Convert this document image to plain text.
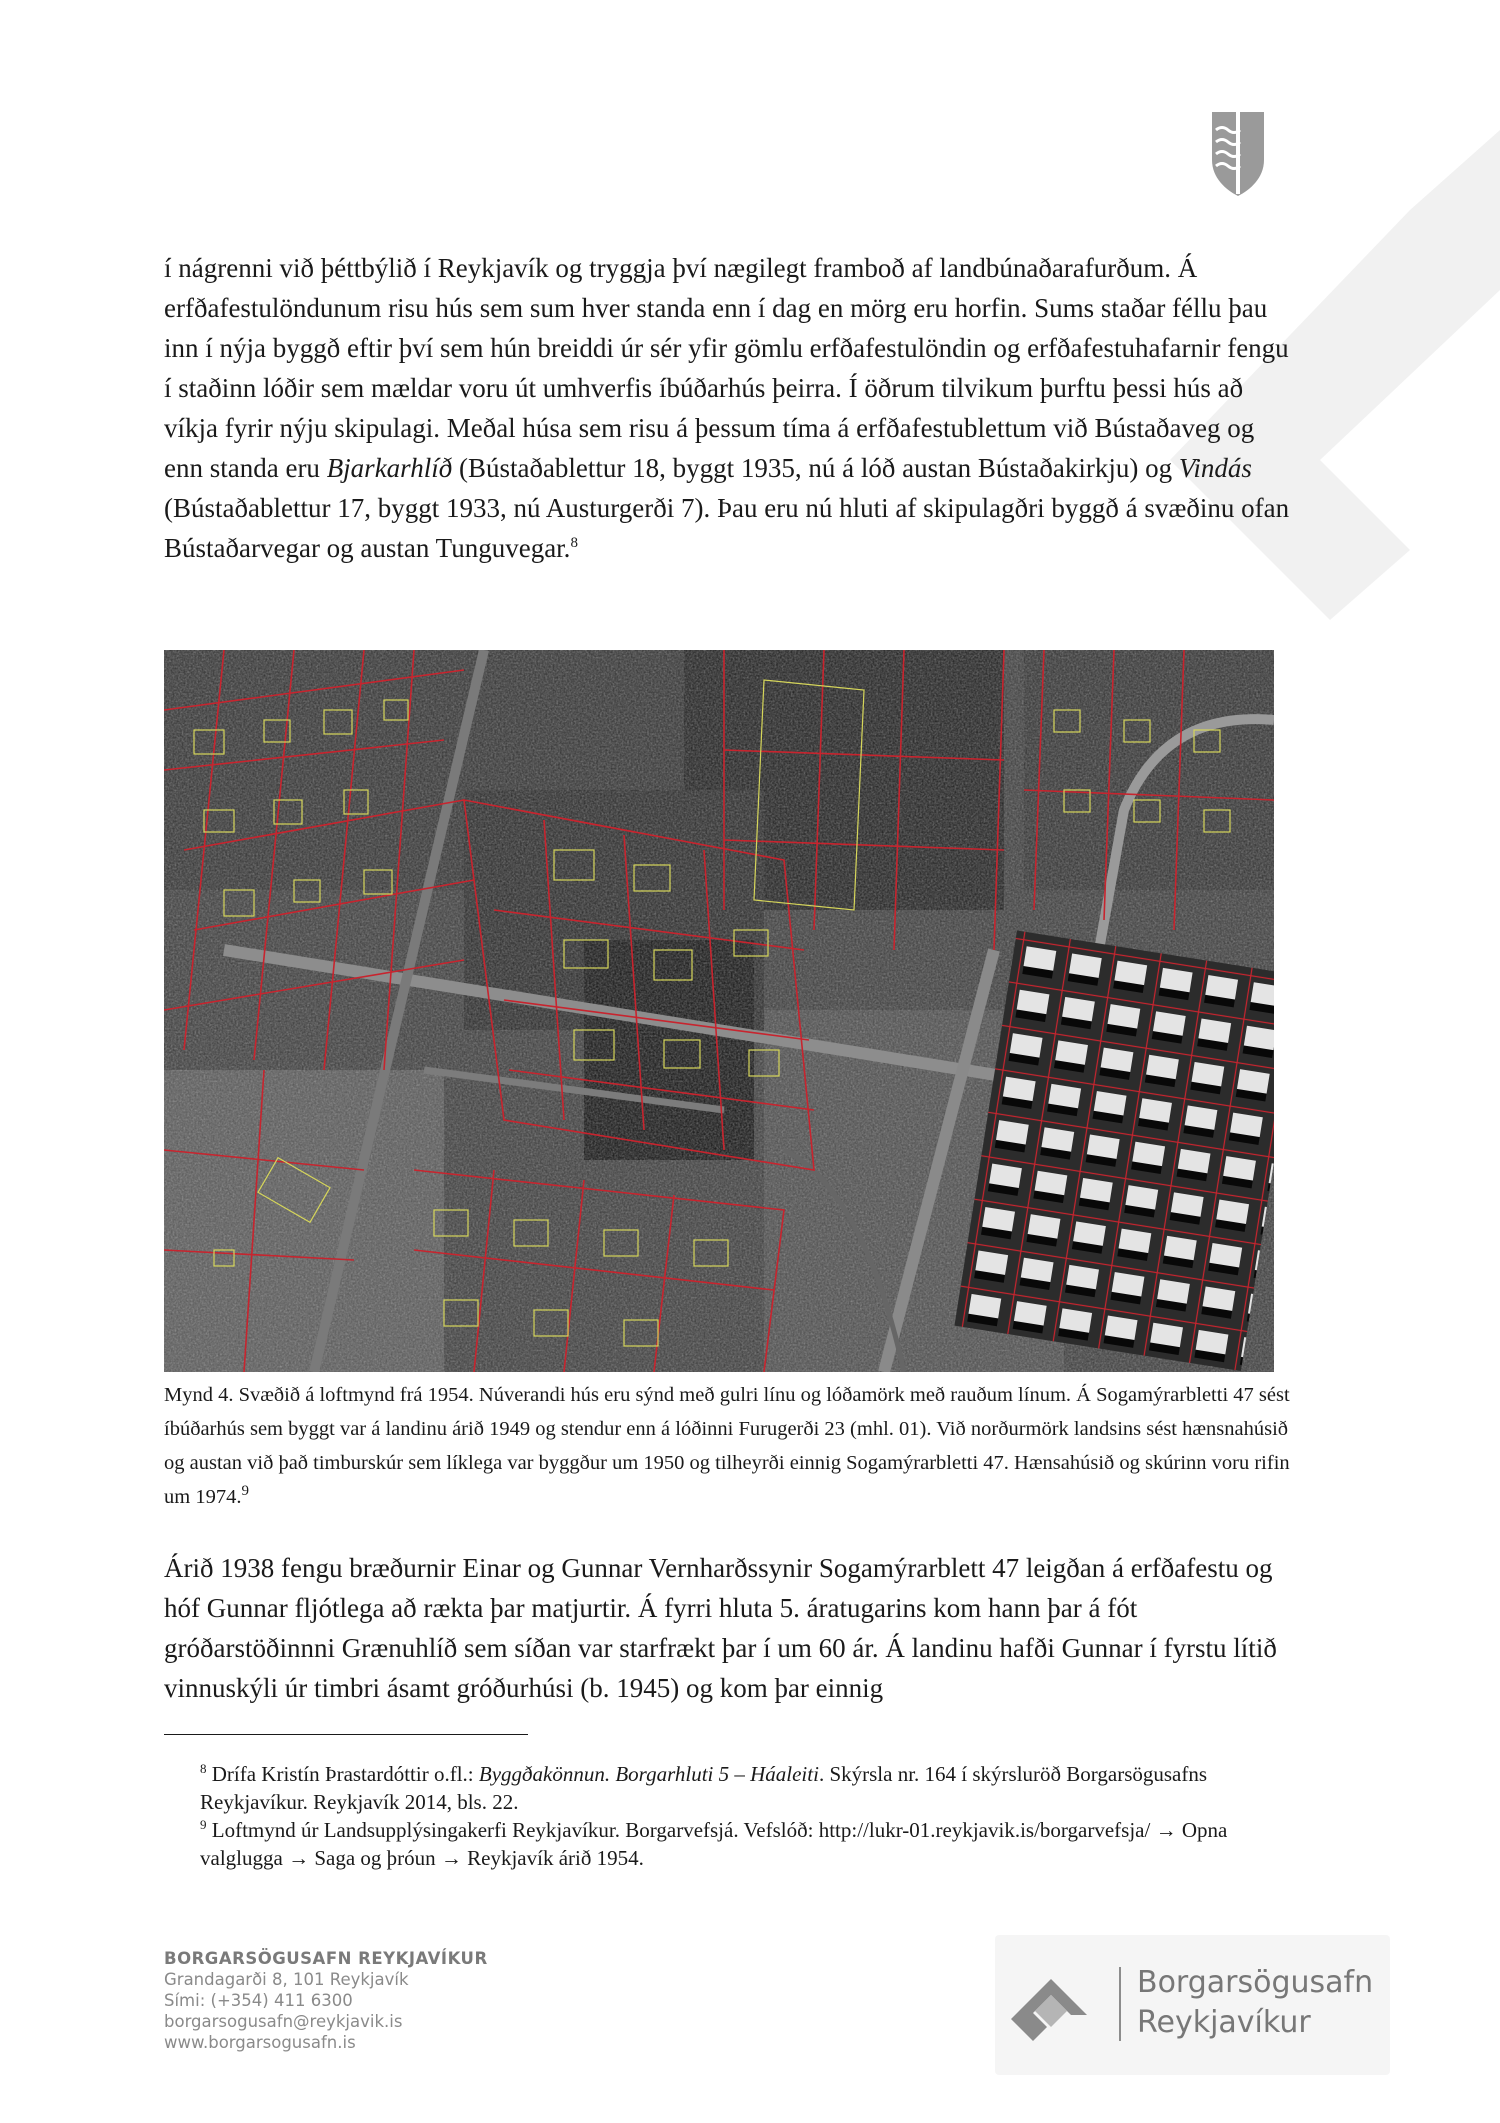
í nágrenni við þéttbýlið í Reykjavík og tryggja því nægilegt framboð af landbúnaðarafurðum. Á erfðafestulöndunum risu hús sem sum hver standa enn í dag en mörg eru horfin. Sums staðar féllu þau inn í nýja byggð eftir því sem hún breiddi úr sér yfir gömlu erfðafestulöndin og erfðafestuhafarnir fengu í staðinn lóðir sem mældar voru út umhverfis íbúðarhús þeirra. Í öðrum tilvikum þurftu þessi hús að víkja fyrir nýju skipulagi. Meðal húsa sem risu á þessum tíma á erfðafestublettum við Bústaðaveg og enn standa eru Bjarkarhlíð (Bústaðablettur 18, byggt 1935, nú á lóð austan Bústaðakirkju) og Vindás (Bústaðablettur 17, byggt 1933, nú Austurgerði 7). Þau eru nú hluti af skipulagðri byggð á svæðinu ofan Bústaðarvegar og austan Tunguvegar.$^8$

Mynd 4. Svæðið á loftmynd frá 1954. Núverandi hús eru sýnd með gulri línu og lóðamörk með rauðum línum. Á Sogamýrarbletti 47 sést íbúðarhús sem byggt var á landinu árið 1949 og stendur enn á lóðinni Furugerði 23 (mhl. 01). Við norðurmörk landsins sést hænsnahúsið og austan við það timburskúr sem líklega var byggður um 1950 og tilheyrði einnig Sogamýrarbletti 47. Hænsahúsið og skúrinn voru rifin um 1974.$^9$

Árið 1938 fengu bræðurnir Einar og Gunnar Vernharðssynir Sogamýrarblett 47 leigðan á erfðafestu og hóf Gunnar fljótlega að rækta þar matjurtir. Á fyrri hluta 5. áratugarins kom hann þar á fót gróðarstöðinnni Grænuhlíð sem síðan var starfrækt þar í um 60 ár. Á landinu hafði Gunnar í fyrstu lítið vinnuskýli úr timbri ásamt gróðurhúsi (b. 1945) og kom þar einnig

$^8$ Drífa Kristín Þrastardóttir o.fl.: Byggðakönnun. Borgarhluti 5 – Háaleiti. Skýrsla nr. 164 í skýrsluröð Borgarsögusafns Reykjavíkur. Reykjavík 2014, bls. 22.

$^9$ Loftmynd úr Landsupplýsingakerfi Reykjavíkur. Borgarvefsjá. Vefslóð: http://lukr-01.reykjavik.is/borgarvefsja/ → Opna valglugga → Saga og þróun → Reykjavík árið 1954.

BORGARSÖGUSAFN REYKJAVÍKUR
Grandagarði 8, 101 Reykjavík
Sími: (+354) 411 6300
borgarsogusafn@reykjavik.is
www.borgarsogusafn.is
Borgarsögusafn
Reykjavíkur
